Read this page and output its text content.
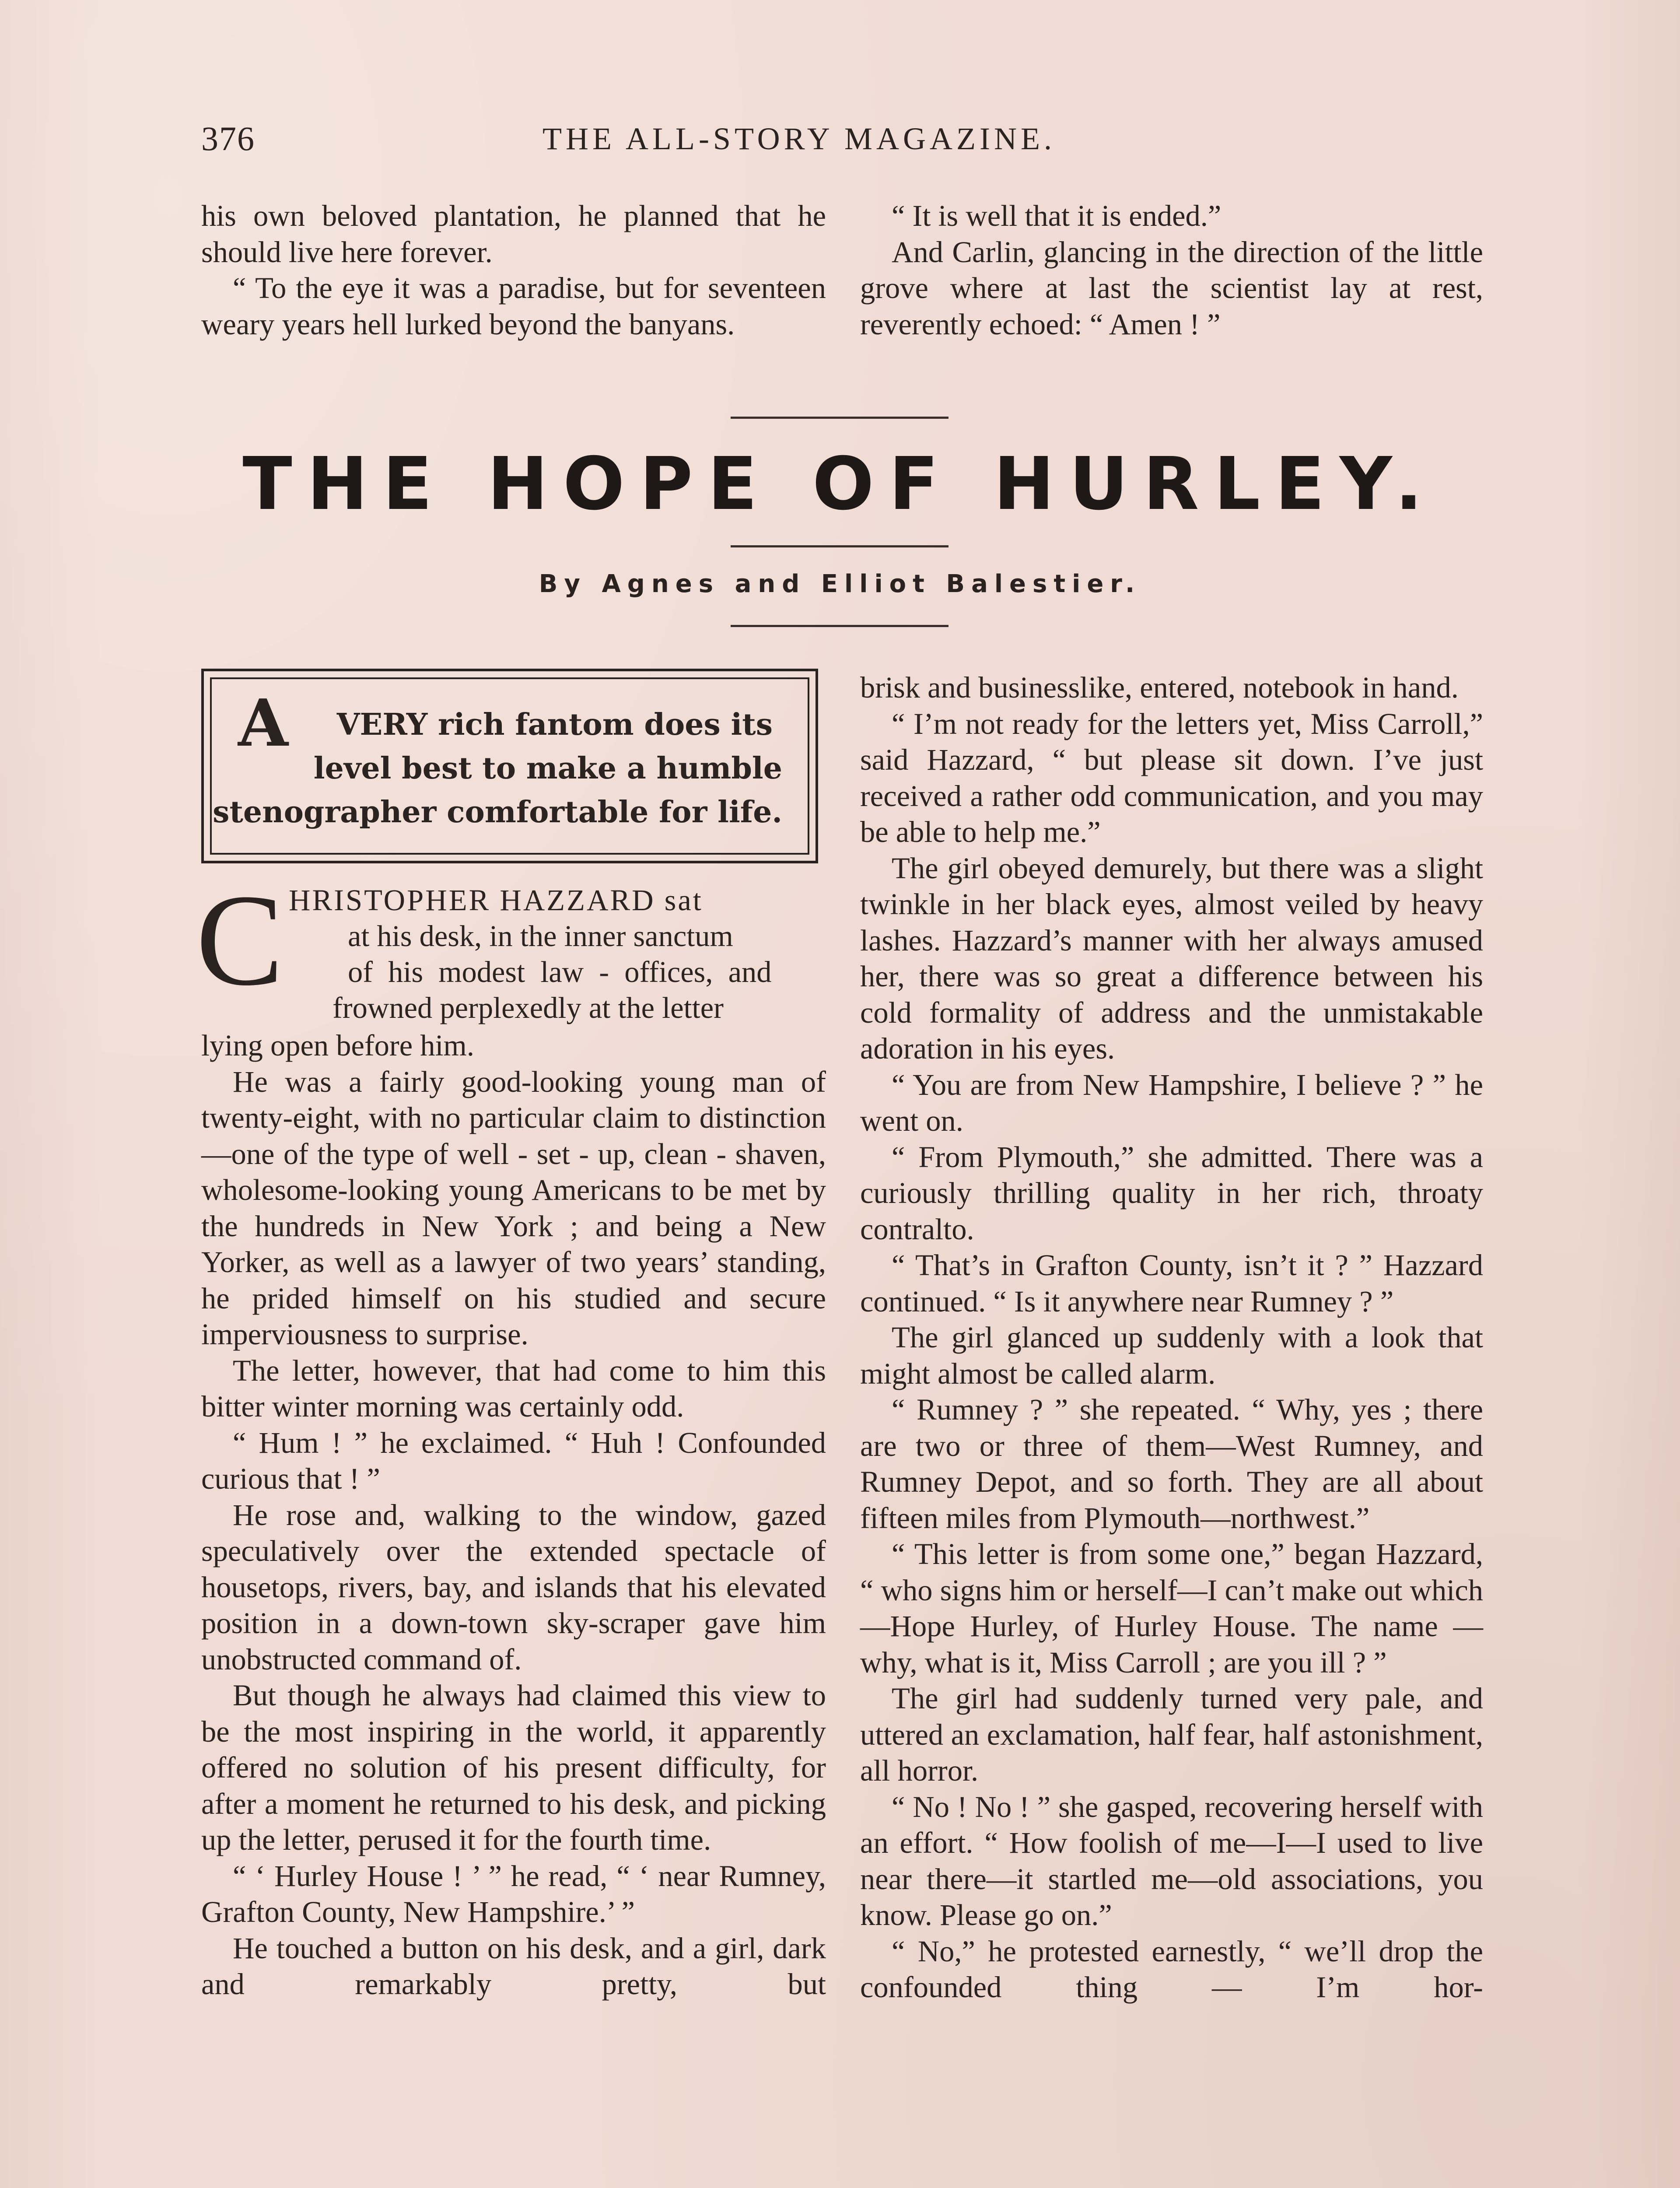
376	THE ALL-STORY MAGAZINE.

his own beloved plantation, he planned that he should live here forever.

“ To the eye it was a paradise, but for seventeen weary years hell lurked beyond the banyans.

“ It is well that it is ended.”

And Carlin, glancing in the direction of the little grove where at last the scientist lay at rest, reverently echoed: “ Amen ! ”

THE HOPE OF HURLEY.
By Agnes and Elliot Balestier.
A VERY rich fantom does its
level best to make a humble
stenographer comfortable for life.
C HRISTOPHER HAZZARD sat
at his desk, in the inner sanctum
of his modest law - offices, and
frowned perplexedly at the letter

lying open before him.

He was a fairly good-looking young man of twenty-eight, with no particular claim to distinction—one of the type of well - set - up, clean - shaven, wholesome-looking young Americans to be met by the hundreds in New York ; and being a New Yorker, as well as a lawyer of two years’ standing, he prided himself on his studied and secure imperviousness to surprise.

The letter, however, that had come to him this bitter winter morning was certainly odd.

“ Hum ! ” he exclaimed. “ Huh ! Confounded curious that ! ”

He rose and, walking to the window, gazed speculatively over the extended spectacle of housetops, rivers, bay, and islands that his elevated position in a down-town sky-scraper gave him unobstructed command of.

But though he always had claimed this view to be the most inspiring in the world, it apparently offered no solution of his present difficulty, for after a moment he returned to his desk, and picking up the letter, perused it for the fourth time.

“ ‘ Hurley House ! ’ ” he read, “ ‘ near Rumney, Grafton County, New Hampshire.’ ”

He touched a button on his desk, and a girl, dark and remarkably pretty, but

brisk and businesslike, entered, notebook in hand.

“ I’m not ready for the letters yet, Miss Carroll,” said Hazzard, “ but please sit down. I’ve just received a rather odd communication, and you may be able to help me.”

The girl obeyed demurely, but there was a slight twinkle in her black eyes, almost veiled by heavy lashes. Hazzard’s manner with her always amused her, there was so great a difference between his cold formality of address and the unmistakable adoration in his eyes.

“ You are from New Hampshire, I believe ? ” he went on.

“ From Plymouth,” she admitted. There was a curiously thrilling quality in her rich, throaty contralto.

“ That’s in Grafton County, isn’t it ? ” Hazzard continued. “ Is it anywhere near Rumney ? ”

The girl glanced up suddenly with a look that might almost be called alarm.

“ Rumney ? ” she repeated. “ Why, yes ; there are two or three of them—West Rumney, and Rumney Depot, and so forth. They are all about fifteen miles from Plymouth—northwest.”

“ This letter is from some one,” began Hazzard, “ who signs him or herself—I can’t make out which—Hope Hurley, of Hurley House. The name — why, what is it, Miss Carroll ; are you ill ? ”

The girl had suddenly turned very pale, and uttered an exclamation, half fear, half astonishment, all horror.

“ No ! No ! ” she gasped, recovering herself with an effort. “ How foolish of me—I—I used to live near there—it startled me—old associations, you know. Please go on.”

“ No,” he protested earnestly, “ we’ll drop the confounded thing — I’m hor-
